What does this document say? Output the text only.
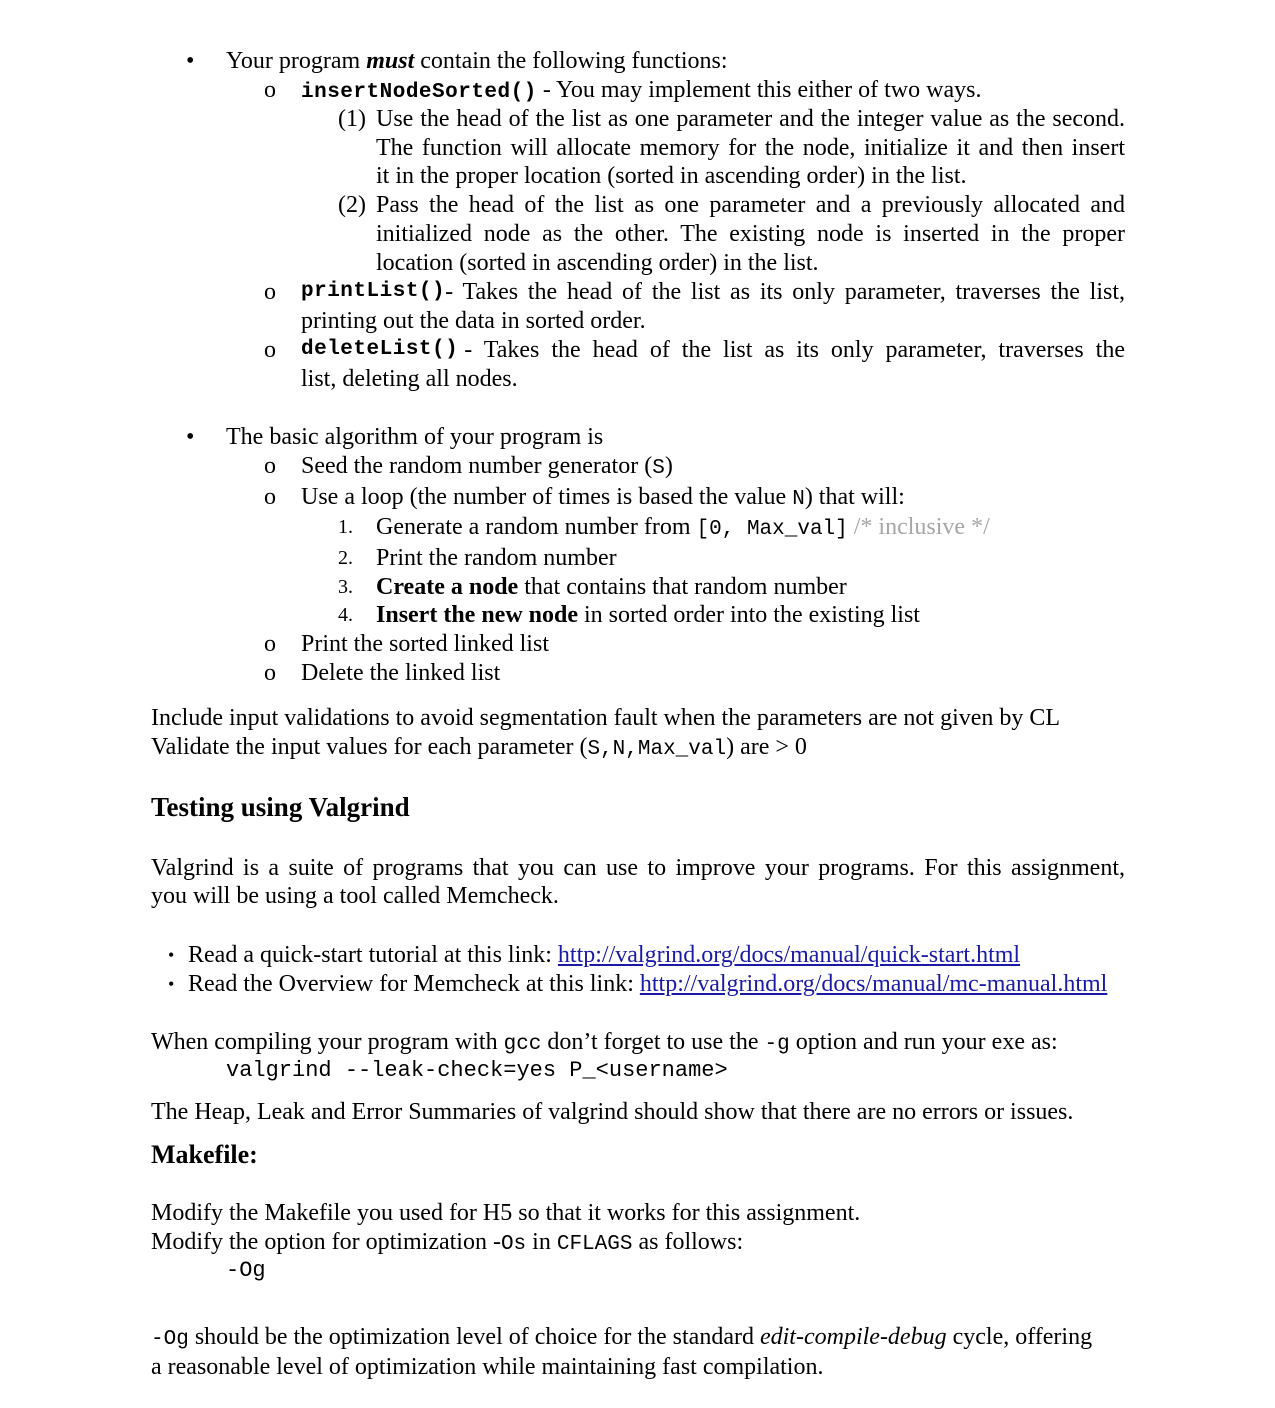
• Your program must contain the following functions:
o insertNodeSorted() - You may implement this either of two ways.
(1) Use the head of the list as one parameter and the integer value as the second.
The function will allocate memory for the node, initialize it and then insert
it in the proper location (sorted in ascending order) in the list.
(2) Pass the head of the list as one parameter and a previously allocated and
initialized node as the other. The existing node is inserted in the proper
location (sorted in ascending order) in the list.
o printList() - Takes the head of the list as its only parameter, traverses the list,
printing out the data in sorted order.
o deleteList() - Takes the head of the list as its only parameter, traverses the
list, deleting all nodes.
• The basic algorithm of your program is
o Seed the random number generator (S)
o Use a loop (the number of times is based the value N) that will:
1. Generate a random number from [0, Max_val] /* inclusive */
2. Print the random number
3. Create a node that contains that random number
4. Insert the new node in sorted order into the existing list
o Print the sorted linked list
o Delete the linked list
Include input validations to avoid segmentation fault when the parameters are not given by CL
Validate the input values for each parameter (S,N,Max_val) are > 0
Testing using Valgrind
Valgrind is a suite of programs that you can use to improve your programs. For this assignment,
you will be using a tool called Memcheck.
• Read a quick-start tutorial at this link: http://valgrind.org/docs/manual/quick-start.html
• Read the Overview for Memcheck at this link: http://valgrind.org/docs/manual/mc-manual.html
When compiling your program with gcc don’t forget to use the -g option and run your exe as:
valgrind --leak-check=yes P_<username>
The Heap, Leak and Error Summaries of valgrind should show that there are no errors or issues.
Makefile:
Modify the Makefile you used for H5 so that it works for this assignment.
Modify the option for optimization -Os in CFLAGS as follows:
-Og
-Og should be the optimization level of choice for the standard edit-compile-debug cycle, offering
a reasonable level of optimization while maintaining fast compilation.
